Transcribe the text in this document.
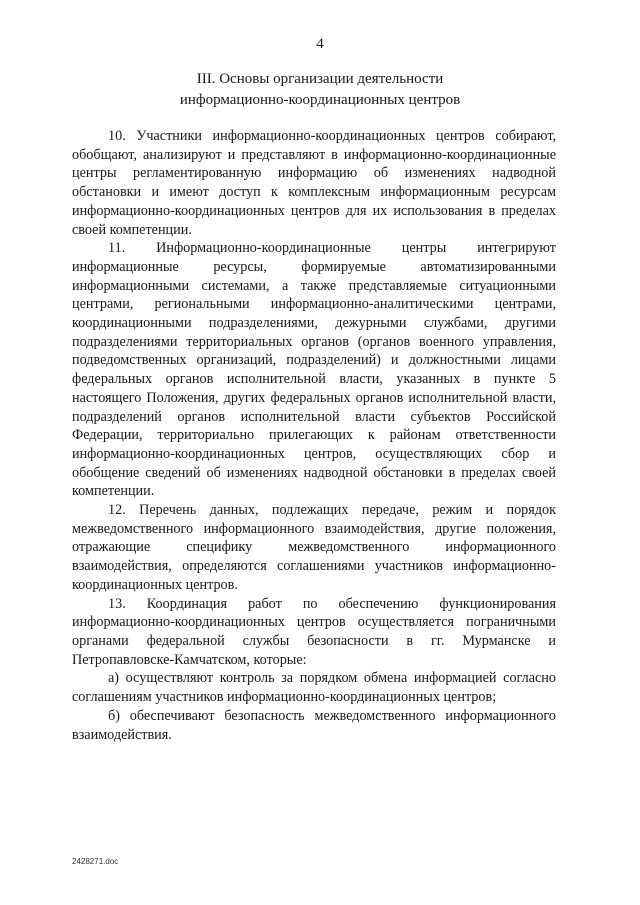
4
III. Основы организации деятельности
информационно-координационных центров

10. Участники информационно-координационных центров собирают, обобщают, анализируют и представляют в информационно-координационные центры регламентированную информацию об изменениях надводной обстановки и имеют доступ к комплексным информационным ресурсам информационно-координационных центров для их использования в пределах своей компетенции.

11. Информационно-координационные центры интегрируют информационные ресурсы, формируемые автоматизированными информационными системами, а также представляемые ситуационными центрами, региональными информационно-аналитическими центрами, координационными подразделениями, дежурными службами, другими подразделениями территориальных органов (органов военного управления, подведомственных организаций, подразделений) и должностными лицами федеральных органов исполнительной власти, указанных в пункте 5 настоящего Положения, других федеральных органов исполнительной власти, подразделений органов исполнительной власти субъектов Российской Федерации, территориально прилегающих к районам ответственности информационно-координационных центров, осуществляющих сбор и обобщение сведений об изменениях надводной обстановки в пределах своей компетенции.

12. Перечень данных, подлежащих передаче, режим и порядок межведомственного информационного взаимодействия, другие положения, отражающие специфику межведомственного информационного взаимодействия, определяются соглашениями участников информационно-координационных центров.

13. Координация работ по обеспечению функционирования информационно-координационных центров осуществляется пограничными органами федеральной службы безопасности в гг. Мурманске и Петропавловске-Камчатском, которые:

а) осуществляют контроль за порядком обмена информацией согласно соглашениям участников информационно-координационных центров;

б) обеспечивают безопасность межведомственного информационного взаимодействия.

2428271.doc
